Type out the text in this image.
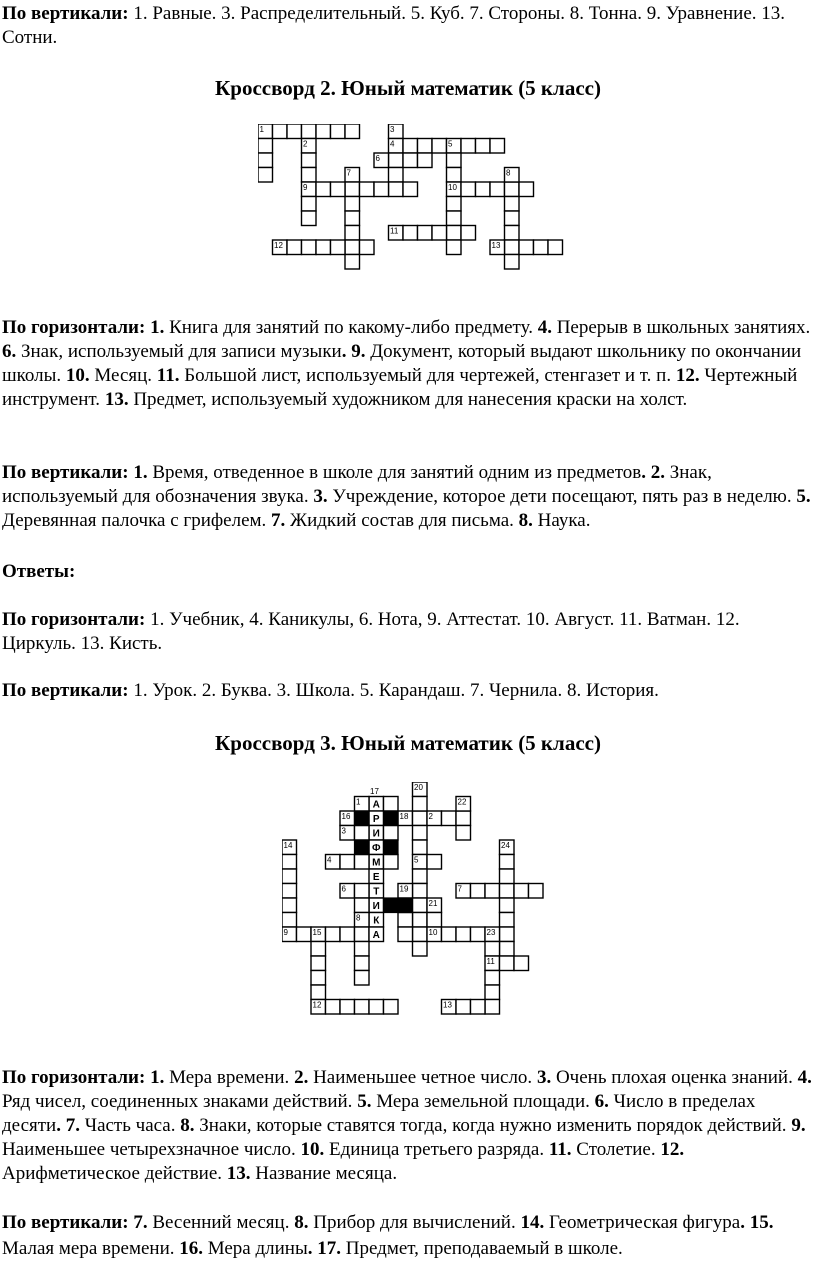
По вертикали: 1. Равные. 3. Распределительный. 5. Куб. 7. Стороны. 8. Тонна. 9. Уравнение. 13. Сотни.

Кроссворд 2. Юный математик (5 класс)

1
2
3
4	5
6
7	8
9	10
11
12	13

По горизонтали: 1. Книга для занятий по какому-либо предмету. 4. Перерыв в школьных занятиях. 6. Знак, используемый для записи музыки. 9. Документ, который выдают школьнику по окончании школы. 10. Месяц. 11. Большой лист, используемый для чертежей, стенгазет и т. п. 12. Чертежный инструмент. 13. Предмет, используемый художником для нанесения краски на холст.

По вертикали: 1. Время, отведенное в школе для занятий одним из предметов. 2. Знак, используемый для обозначения звука. 3. Учреждение, которое дети посещают, пять раз в неделю. 5. Деревянная палочка с грифелем. 7. Жидкий состав для письма. 8. Наука.

Ответы:

По горизонтали: 1. Учебник, 4. Каникулы, 6. Нота, 9. Аттестат. 10. Август. 11. Ватман. 12. Циркуль. 13. Кисть.

По вертикали: 1. Урок. 2. Буква. 3. Школа. 5. Карандаш. 7. Чернила. 8. История.

Кроссворд 3. Юный математик (5 класс)

1
2
3
4	5
6	7
8
9	10
11
12	13
14
15
16
17
18
19
20
21
22
23
24
А
Р
И
Ф
М
Е
Т
И
К
А

По горизонтали: 1. Мера времени. 2. Наименьшее четное число. 3. Очень плохая оценка знаний. 4. Ряд чисел, соединенных знаками действий. 5. Мера земельной площади. 6. Число в пределах десяти. 7. Часть часа. 8. Знаки, которые ставятся тогда, когда нужно изменить порядок действий. 9. Наименьшее четырехзначное число. 10. Единица третьего разряда. 11. Столетие. 12. Арифметическое действие. 13. Название месяца.

По вертикали: 7. Весенний месяц. 8. Прибор для вычислений. 14. Геометрическая фигура. 15. Малая мера времени. 16. Мера длины. 17. Предмет, преподаваемый в школе.
